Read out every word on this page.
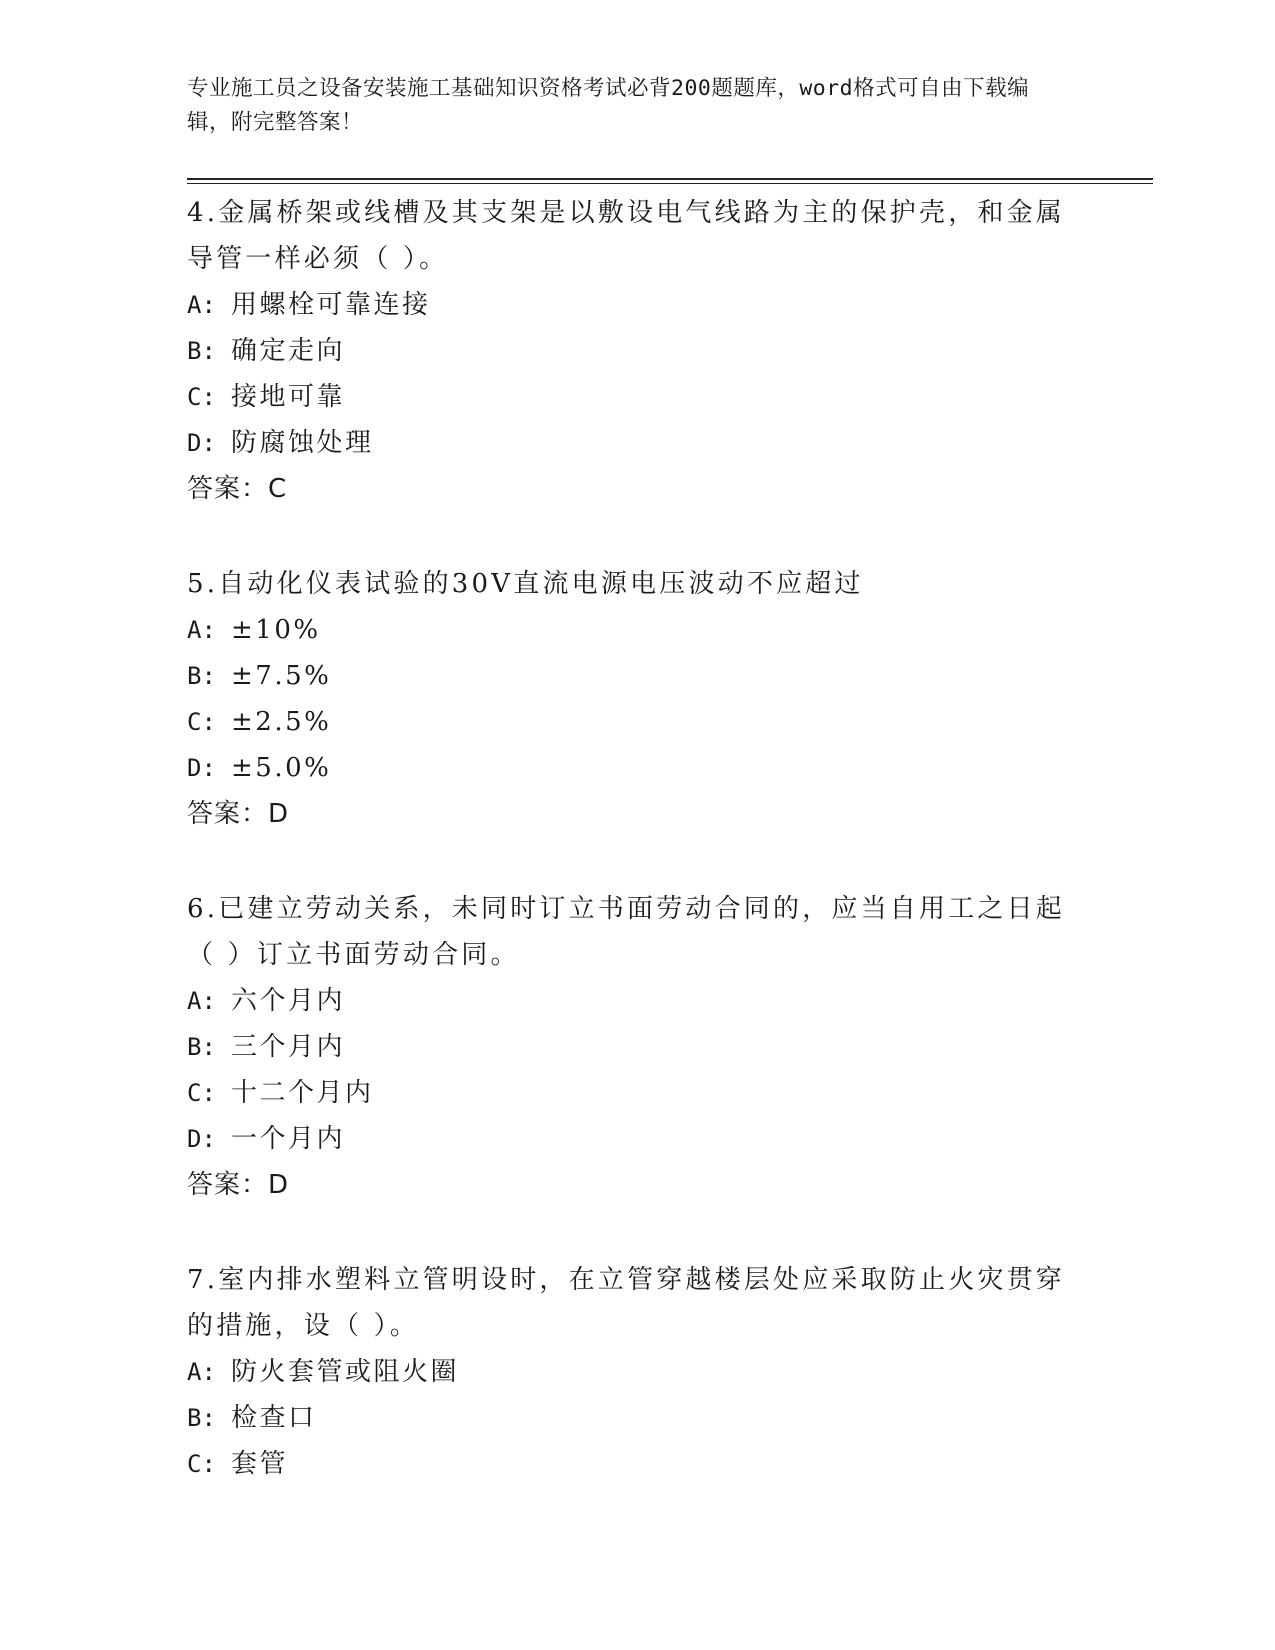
专业施工员之设备安装施工基础知识资格考试必背200题题库，word格式可自由下载编辑，附完整答案！

4.金属桥架或线槽及其支架是以敷设电气线路为主的保护壳，和金属导管一样必须（ ）。

A: 用螺栓可靠连接

B: 确定走向

C: 接地可靠

D: 防腐蚀处理

答案：C

5.自动化仪表试验的30V直流电源电压波动不应超过

A: ±10%

B: ±7.5%

C: ±2.5%

D: ±5.0%

答案：D

6.已建立劳动关系，未同时订立书面劳动合同的，应当自用工之日起（ ）订立书面劳动合同。

A: 六个月内

B: 三个月内

C: 十二个月内

D: 一个月内

答案：D

7.室内排水塑料立管明设时，在立管穿越楼层处应采取防止火灾贯穿的措施，设（ ）。

A: 防火套管或阻火圈

B: 检查口

C: 套管
